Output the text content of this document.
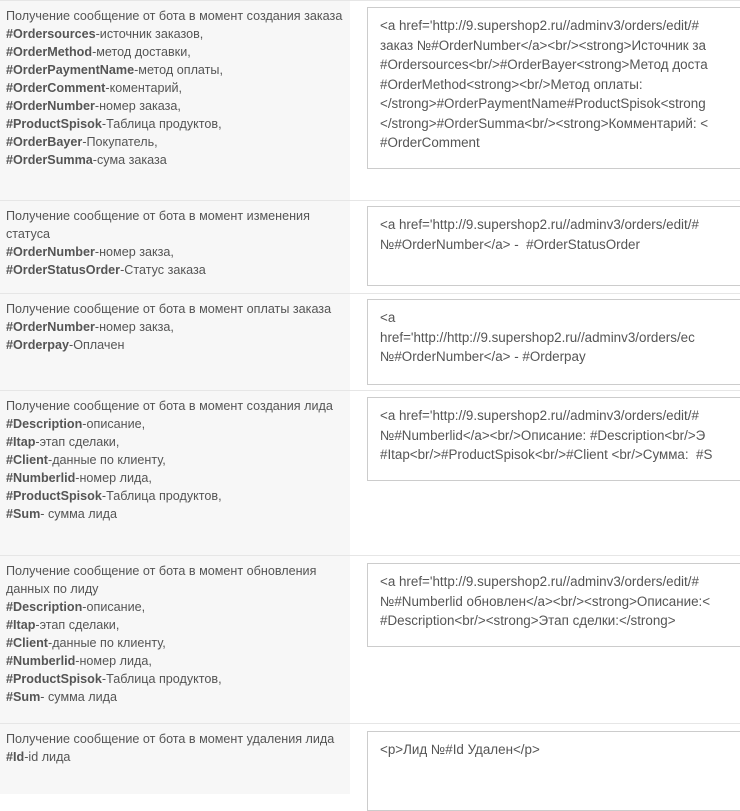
Получение сообщение от бота в момент создания заказа
#Ordersources-источник заказов,
#OrderMethod-метод доставки,
#OrderPaymentName-метод оплаты,
#OrderComment-коментарий,
#OrderNumber-номер заказа,
#ProductSpisok-Таблица продуктов,
#OrderBayer-Покупатель,
#OrderSumma-сума заказа
<a href='http://9.supershop2.ru//adminv3/orders/edit/#
заказ №#OrderNumber</a><br/><strong>Источник за
#Ordersources<br/>#OrderBayer<strong>Метод доста
#OrderMethod<strong><br/>Метод оплаты:
</strong>#OrderPaymentName#ProductSpisok<strong
</strong>#OrderSumma<br/><strong>Комментарий: <
#OrderComment
Получение сообщение от бота в момент изменения статуса
#OrderNumber-номер закза,
#OrderStatusOrder-Статус заказа
<a href='http://9.supershop2.ru//adminv3/orders/edit/#
№#OrderNumber</a> -  #OrderStatusOrder
Получение сообщение от бота в момент оплаты заказа
#OrderNumber-номер закза,
#Orderpay-Оплачен
<a
href='http://http://9.supershop2.ru//adminv3/orders/ec
№#OrderNumber</a> - #Orderpay
Получение сообщение от бота в момент создания лида
#Description-описание,
#Itap-этап сделаки,
#Client-данные по клиенту,
#Numberlid-номер лида,
#ProductSpisok-Таблица продуктов,
#Sum- сумма лида
<a href='http://9.supershop2.ru//adminv3/orders/edit/#
№#Numberlid</a><br/>Описание: #Description<br/>Э
#Itap<br/>#ProductSpisok<br/>#Client <br/>Сумма:  #S
Получение сообщение от бота в момент обновления данных по лиду
#Description-описание,
#Itap-этап сделаки,
#Client-данные по клиенту,
#Numberlid-номер лида,
#ProductSpisok-Таблица продуктов,
#Sum- сумма лида
<a href='http://9.supershop2.ru//adminv3/orders/edit/#
№#Numberlid обновлен</a><br/><strong>Описание:<
#Description<br/><strong>Этап сделки:</strong>
Получение сообщение от бота в момент удаления лида
#Id-id лида	<p>Лид №#Id Удален</p>
